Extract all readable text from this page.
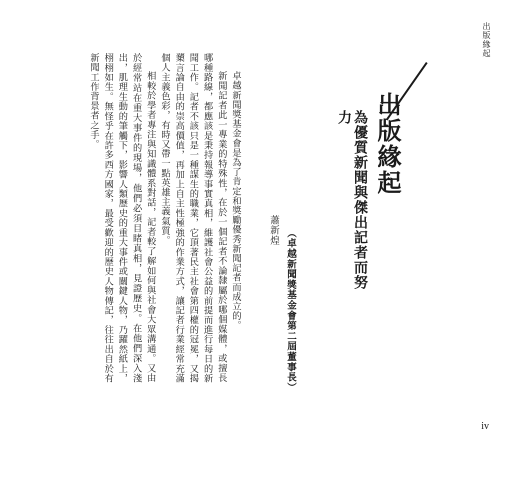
出版緣起
出版緣起
為優質新聞與傑出記者而努力
蕭新煌 （卓越新聞獎基金會第二屆董事長）

卓越新聞獎基金會是為了肯定和獎勵優秀新聞記者而成立的。

新聞記者此一專業的特殊性，在於一個記者不論隸屬於哪個媒體，或擅長哪種路線，都應該是秉持報導事實真相，維護社會公益的前提而進行每日的新聞工作。記者不該只是一種謀生的職業，它頂著民主社會第四權的冠冕，又揭櫫言論自由的崇高價值，再加上自主性極強的作業方式，讓記者行業經常充滿個人主義色彩，有時又帶一點英雄主義氣質。

相較於學者專注與知識體系對話，記者較了解如何與社會大眾溝通。又由於經常站在重大事件的現場，他們必須目睹真相，見證歷史。在他們深入淺出，肌理生動的筆觸下，影響人類歷史的重大事件或關鍵人物，乃躍然紙上，栩栩如生。無怪乎在許多西方國家，最受歡迎的歷史人物傳記，往往出自於有新聞工作背景者之手。

iv
